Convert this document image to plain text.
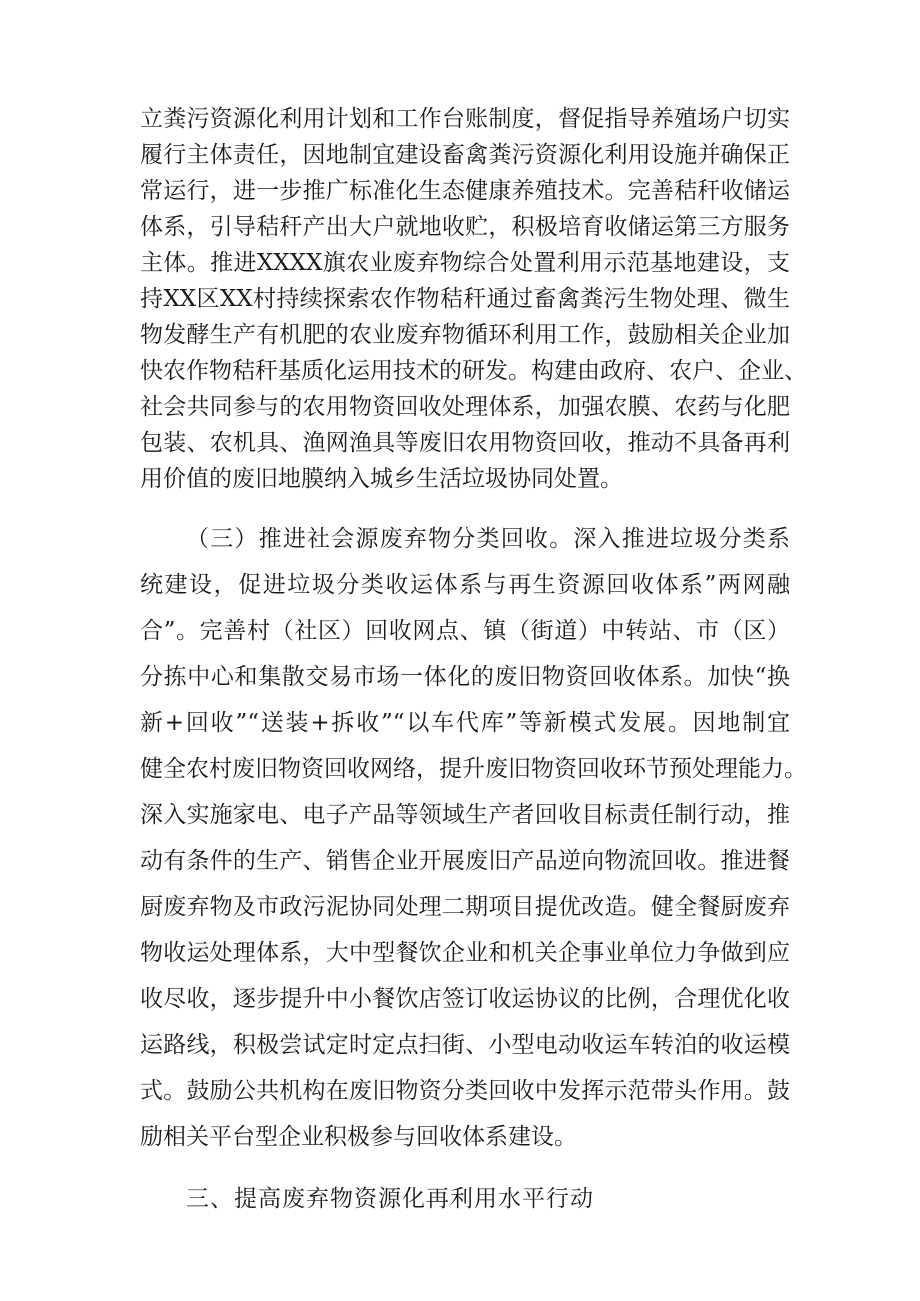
立粪污资源化利用计划和工作台账制度，督促指导养殖场户切实

履行主体责任，因地制宜建设畜禽粪污资源化利用设施并确保正

常运行，进一步推广标准化生态健康养殖技术。完善秸秆收储运

体系，引导秸秆产出大户就地收贮，积极培育收储运第三方服务

主体。推进XXXX旗农业废弃物综合处置利用示范基地建设，支

持XX区XX村持续探索农作物秸秆通过畜禽粪污生物处理、微生

物发酵生产有机肥的农业废弃物循环利用工作，鼓励相关企业加

快农作物秸秆基质化运用技术的研发。构建由政府、农户、企业、

社会共同参与的农用物资回收处理体系，加强农膜、农药与化肥

包装、农机具、渔网渔具等废旧农用物资回收，推动不具备再利

用价值的废旧地膜纳入城乡生活垃圾协同处置。

（三）推进社会源废弃物分类回收。深入推进垃圾分类系

统建设，促进垃圾分类收运体系与再生资源回收体系”两网融

合”。完善村（社区）回收网点、镇（街道）中转站、市（区）

分拣中心和集散交易市场一体化的废旧物资回收体系。加快“换

新+回收”“送装+拆收”“以车代库”等新模式发展。因地制宜

健全农村废旧物资回收网络，提升废旧物资回收环节预处理能力。

深入实施家电、电子产品等领域生产者回收目标责任制行动，推

动有条件的生产、销售企业开展废旧产品逆向物流回收。推进餐

厨废弃物及市政污泥协同处理二期项目提优改造。健全餐厨废弃

物收运处理体系，大中型餐饮企业和机关企事业单位力争做到应

收尽收，逐步提升中小餐饮店签订收运协议的比例，合理优化收

运路线，积极尝试定时定点扫街、小型电动收运车转泊的收运模

式。鼓励公共机构在废旧物资分类回收中发挥示范带头作用。鼓

励相关平台型企业积极参与回收体系建设。

三、提高废弃物资源化再利用水平行动
